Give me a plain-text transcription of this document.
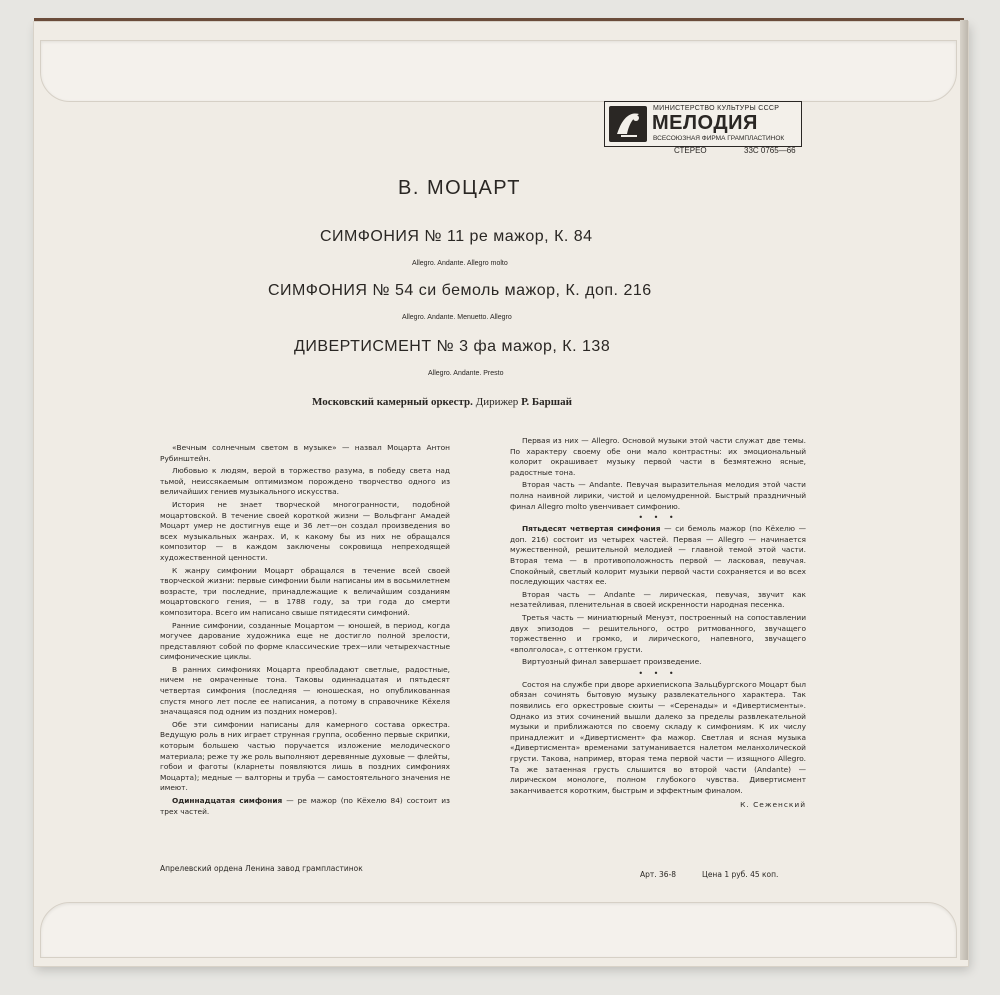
МИНИСТЕРСТВО КУЛЬТУРЫ СССР
МЕЛОДИЯ
ВСЕСОЮЗНАЯ ФИРМА ГРАМПЛАСТИНОК
СТЕРЕО	33С 0765—66
В. МОЦАРТ
СИМФОНИЯ № 11 ре мажор, К. 84
Allegro. Andante. Allegro molto
СИМФОНИЯ № 54 си бемоль мажор, К. доп. 216
Allegro. Andante. Menuetto. Allegro
ДИВЕРТИСМЕНТ № 3 фа мажор, К. 138
Allegro. Andante. Presto
Московский камерный оркестр. Дирижер Р. Баршай

«Вечным солнечным светом в музыке» — назвал Моцарта Антон Рубинштейн.

Любовью к людям, верой в торжество разума, в победу света над тьмой, неиссякаемым оптимизмом порождено творчество одного из величайших гениев музыкального искусства.

История не знает творческой многогранности, подобной моцартовской. В течение своей короткой жизни — Вольфганг Амадей Моцарт умер не достигнув еще и 36 лет—он создал произведения во всех музыкальных жанрах. И, к какому бы из них не обращался композитор — в каждом заключены сокровища непреходящей художественной ценности.

К жанру симфонии Моцарт обращался в течение всей своей творческой жизни: первые симфонии были написаны им в восьмилетнем возрасте, три последние, принадлежащие к величайшим созданиям моцартовского гения, — в 1788 году, за три года до смерти композитора. Всего им написано свыше пятидесяти симфоний.

Ранние симфонии, созданные Моцартом — юношей, в период, когда могучее дарование художника еще не достигло полной зрелости, представляют собой по форме классические трех—или четырехчастные симфонические циклы.

В ранних симфониях Моцарта преобладают светлые, радостные, ничем не омраченные тона. Таковы одиннадцатая и пятьдесят четвертая симфония (последняя — юношеская, но опубликованная спустя много лет после ее написания, а потому в справочнике Кёхеля значащаяся под одним из поздних номеров).

Обе эти симфонии написаны для камерного состава оркестра. Ведущую роль в них играет струнная группа, особенно первые скрипки, которым большею частью поручается изложение мелодического материала; реже ту же роль выполняют деревянные духовые — флейты, гобои и фаготы (кларнеты появляются лишь в поздних симфониях Моцарта); медные — валторны и труба — самостоятельного значения не имеют.

Одиннадцатая симфония — ре мажор (по Кёхелю 84) состоит из трех частей.

Первая из них — Allegro. Основой музыки этой части служат две темы. По характеру своему обе они мало контрастны: их эмоциональный колорит окрашивает музыку первой части в безмятежно ясные, радостные тона.

Вторая часть — Andante. Певучая выразительная мелодия этой части полна наивной лирики, чистой и целомудренной. Быстрый праздничный финал Allegro molto увенчивает симфонию.

• • •

Пятьдесят четвертая симфония — си бемоль мажор (по Кёхелю — доп. 216) состоит из четырех частей. Первая — Allegro — начинается мужественной, решительной мелодией — главной темой этой части. Вторая тема — в противоположность первой — ласковая, певучая. Спокойный, светлый колорит музыки первой части сохраняется и во всех последующих частях ее.

Вторая часть — Andante — лирическая, певучая, звучит как незатейливая, пленительная в своей искренности народная песенка.

Третья часть — миниатюрный Менуэт, построенный на сопоставлении двух эпизодов — решительного, остро ритмованного, звучащего торжественно и громко, и лирического, напевного, звучащего «вполголоса», с оттенком грусти.

Виртуозный финал завершает произведение.

• • •

Состоя на службе при дворе архиепископа Зальцбургского Моцарт был обязан сочинять бытовую музыку развлекательного характера. Так появились его оркестровые сюиты — «Серенады» и «Дивертисменты». Однако из этих сочинений вышли далеко за пределы развлекательной музыки и приближаются по своему складу к симфониям. К их числу принадлежит и «Дивертисмент» фа мажор. Светлая и ясная музыка «Дивертисмента» временами затуманивается налетом меланхолической грусти. Такова, например, вторая тема первой части — изящного Allegro. Та же затаенная грусть слышится во второй части (Andante) — лирическом монологе, полном глубокого чувства. Дивертисмент заканчивается коротким, быстрым и эффектным финалом.

К. Сеженский
Апрелевский ордена Ленина завод грампластинок
Арт. 36-8	Цена 1 руб. 45 коп.
